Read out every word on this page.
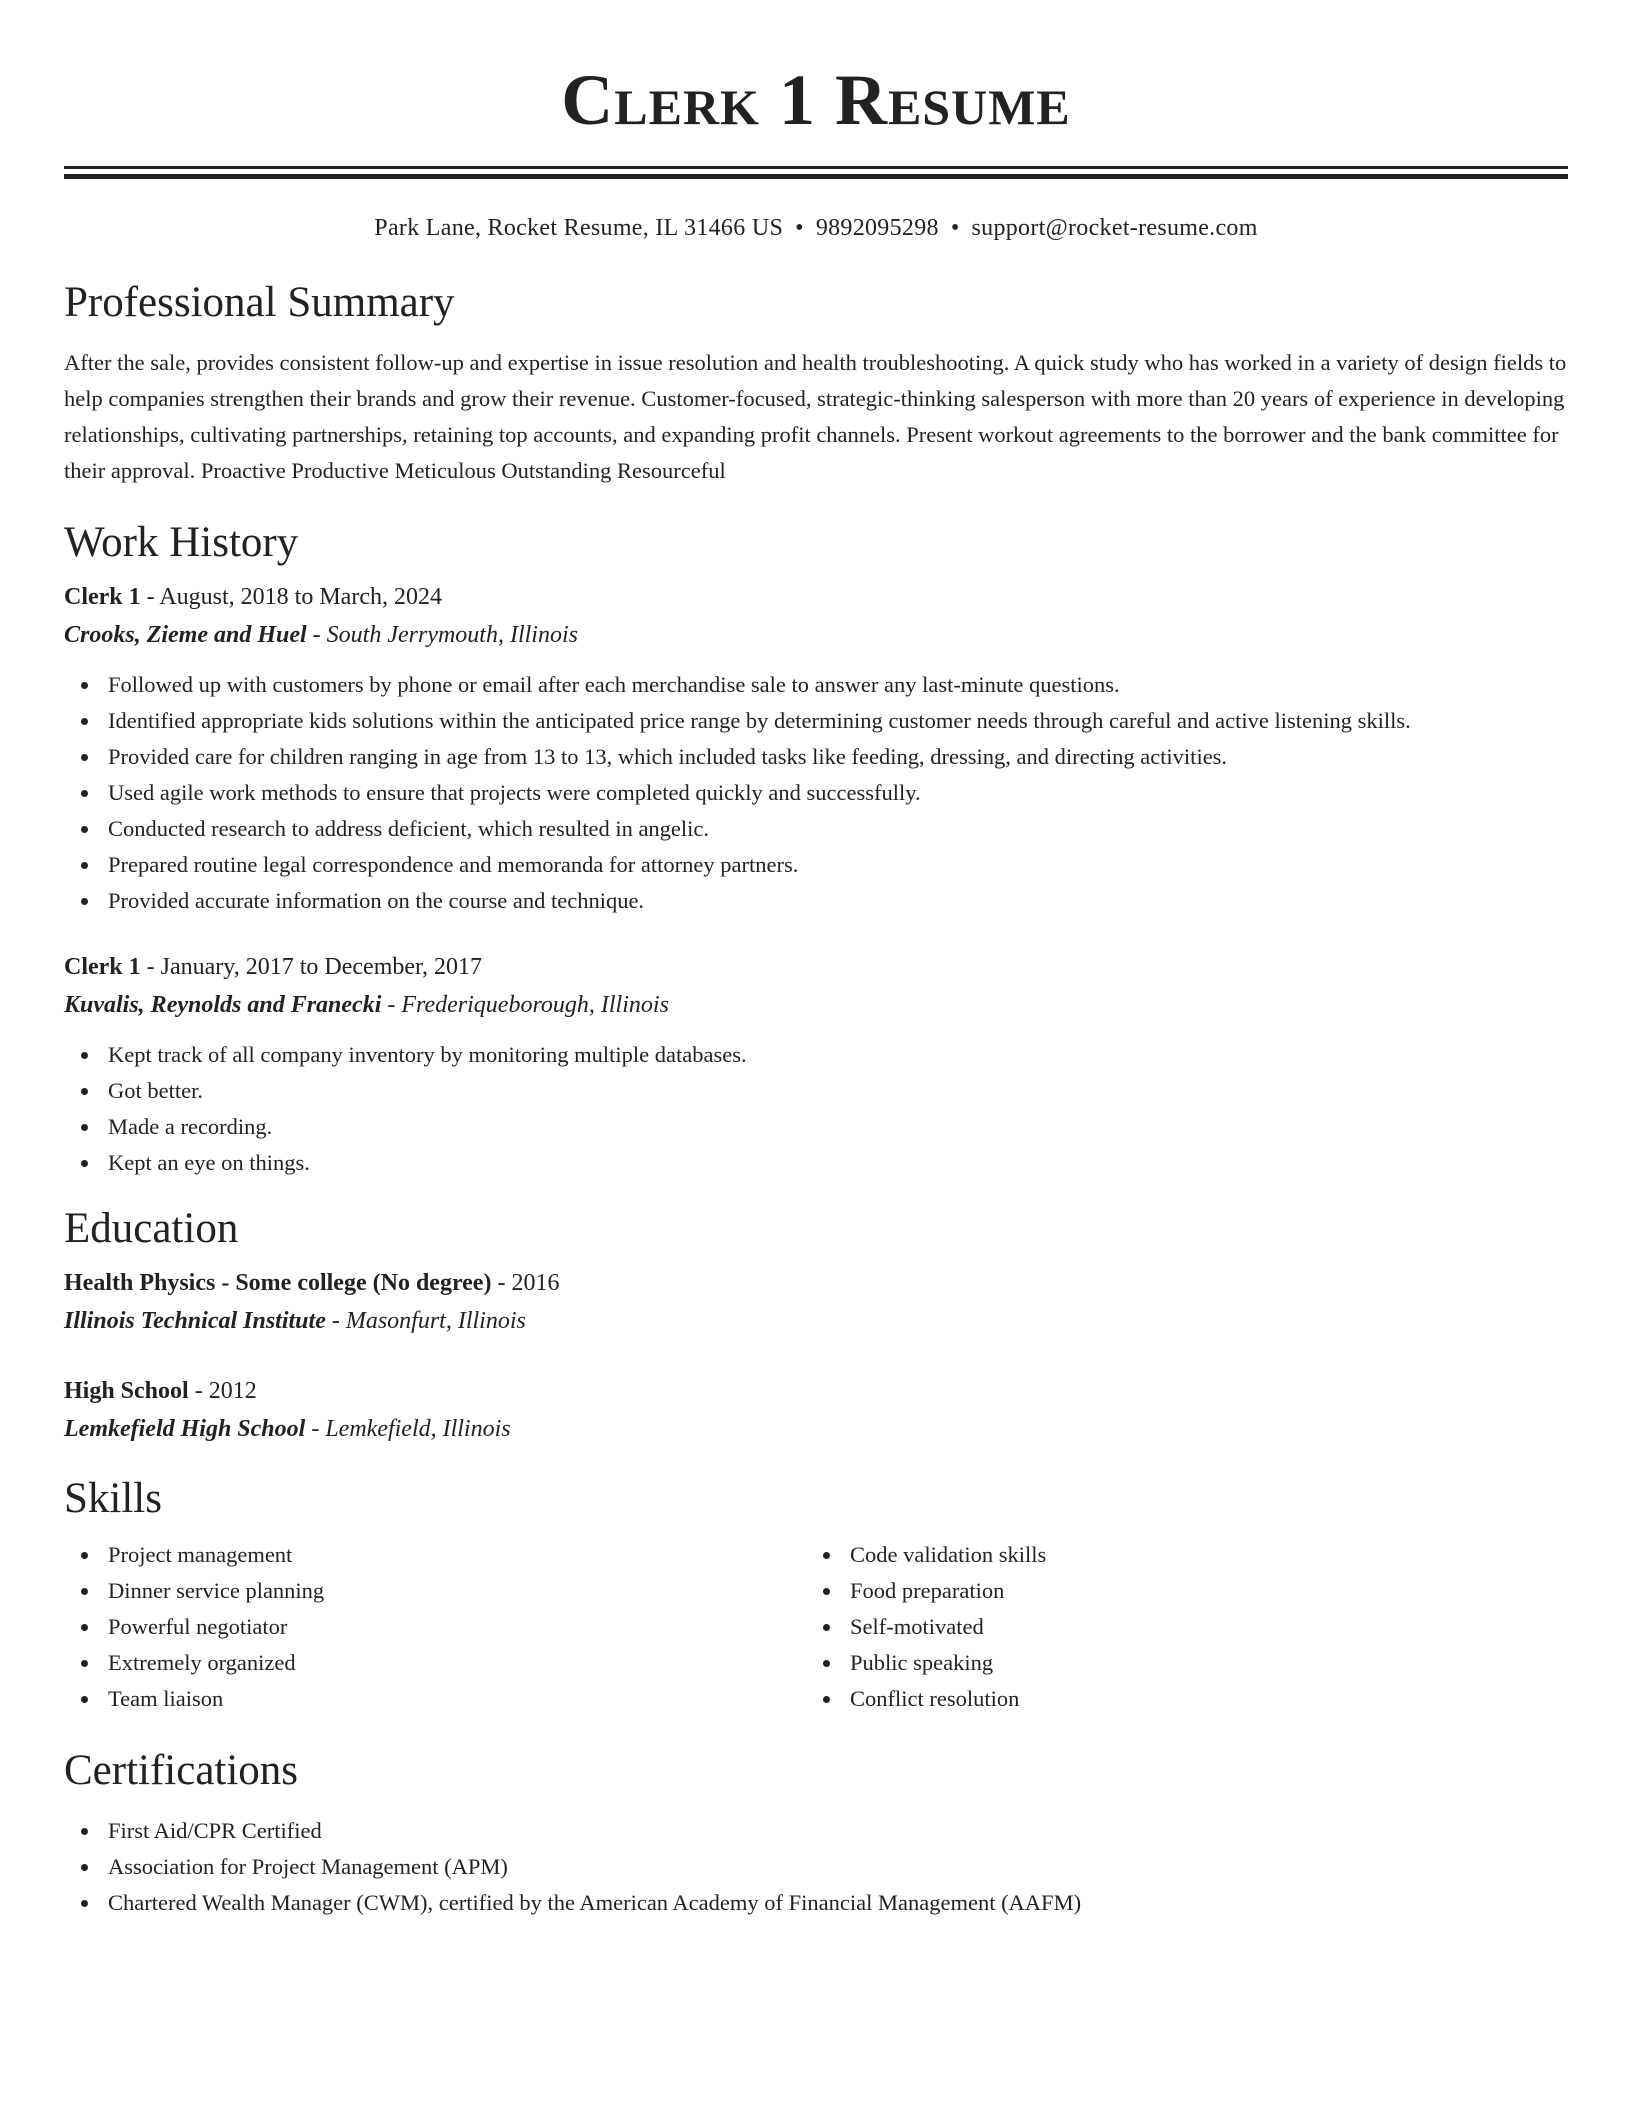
Clerk 1 Resume
Park Lane, Rocket Resume, IL 31466 US • 9892095298 • support@rocket-resume.com
Professional Summary

After the sale, provides consistent follow-up and expertise in issue resolution and health troubleshooting. A quick study who has worked in a variety of design fields to help companies strengthen their brands and grow their revenue. Customer-focused, strategic-thinking salesperson with more than 20 years of experience in developing relationships, cultivating partnerships, retaining top accounts, and expanding profit channels. Present workout agreements to the borrower and the bank committee for their approval. Proactive Productive Meticulous Outstanding Resourceful

Work History
Clerk 1 - August, 2018 to March, 2024
Crooks, Zieme and Huel - South Jerrymouth, Illinois
Followed up with customers by phone or email after each merchandise sale to answer any last-minute questions.
Identified appropriate kids solutions within the anticipated price range by determining customer needs through careful and active listening skills.
Provided care for children ranging in age from 13 to 13, which included tasks like feeding, dressing, and directing activities.
Used agile work methods to ensure that projects were completed quickly and successfully.
Conducted research to address deficient, which resulted in angelic.
Prepared routine legal correspondence and memoranda for attorney partners.
Provided accurate information on the course and technique.
Clerk 1 - January, 2017 to December, 2017
Kuvalis, Reynolds and Franecki - Frederiqueborough, Illinois
Kept track of all company inventory by monitoring multiple databases.
Got better.
Made a recording.
Kept an eye on things.
Education
Health Physics - Some college (No degree) - 2016
Illinois Technical Institute - Masonfurt, Illinois
High School - 2012
Lemkefield High School - Lemkefield, Illinois
Skills
Project management
Dinner service planning
Powerful negotiator
Extremely organized
Team liaison
Code validation skills
Food preparation
Self-motivated
Public speaking
Conflict resolution
Certifications
First Aid/CPR Certified
Association for Project Management (APM)
Chartered Wealth Manager (CWM), certified by the American Academy of Financial Management (AAFM)
